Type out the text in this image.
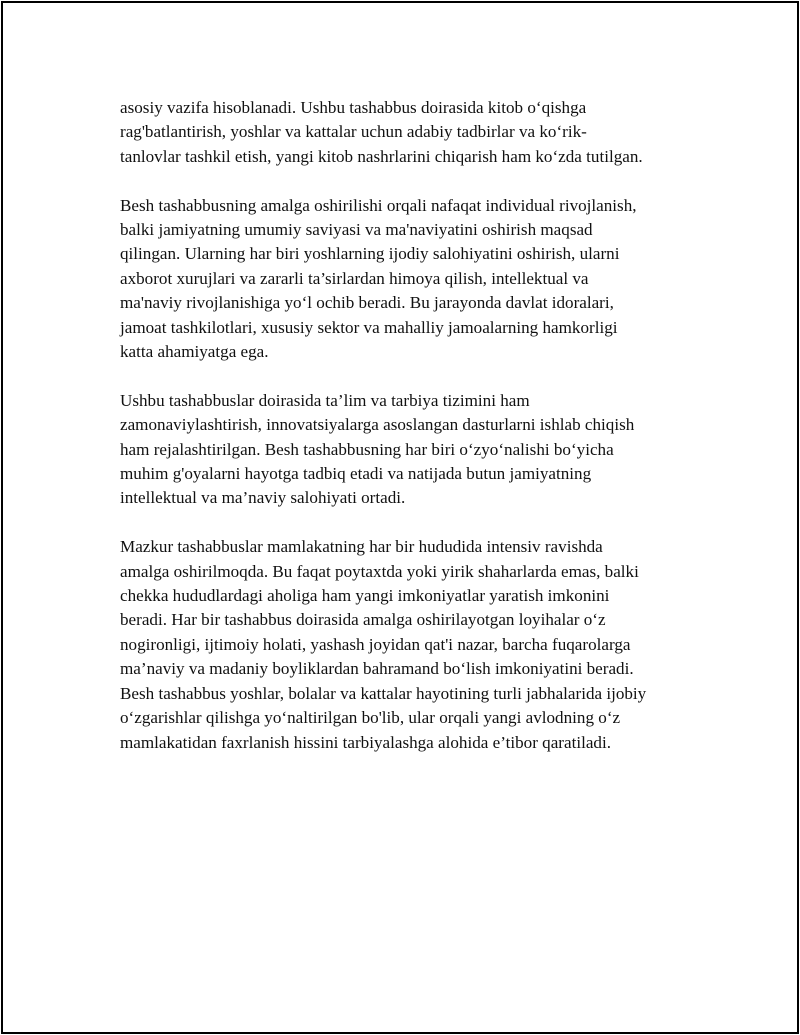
asosiy vazifa hisoblanadi. Ushbu tashabbus doirasida kitob o‘qishga
rag'batlantirish, yoshlar va kattalar uchun adabiy tadbirlar va ko‘rik-
tanlovlar tashkil etish, yangi kitob nashrlarini chiqarish ham ko‘zda tutilgan.

Besh tashabbusning amalga oshirilishi orqali nafaqat individual rivojlanish,
balki jamiyatning umumiy saviyasi va ma'naviyatini oshirish maqsad
qilingan. Ularning har biri yoshlarning ijodiy salohiyatini oshirish, ularni
axborot xurujlari va zararli ta’sirlardan himoya qilish, intellektual va
ma'naviy rivojlanishiga yo‘l ochib beradi. Bu jarayonda davlat idoralari,
jamoat tashkilotlari, xususiy sektor va mahalliy jamoalarning hamkorligi
katta ahamiyatga ega.

Ushbu tashabbuslar doirasida ta’lim va tarbiya tizimini ham
zamonaviylashtirish, innovatsiyalarga asoslangan dasturlarni ishlab chiqish
ham rejalashtirilgan. Besh tashabbusning har biri o‘zyo‘nalishi bo‘yicha
muhim g'oyalarni hayotga tadbiq etadi va natijada butun jamiyatning
intellektual va ma’naviy salohiyati ortadi.

Mazkur tashabbuslar mamlakatning har bir hududida intensiv ravishda
amalga oshirilmoqda. Bu faqat poytaxtda yoki yirik shaharlarda emas, balki
chekka hududlardagi aholiga ham yangi imkoniyatlar yaratish imkonini
beradi. Har bir tashabbus doirasida amalga oshirilayotgan loyihalar o‘z
nogironligi, ijtimoiy holati, yashash joyidan qat'i nazar, barcha fuqarolarga
ma’naviy va madaniy boyliklardan bahramand bo‘lish imkoniyatini beradi.
Besh tashabbus yoshlar, bolalar va kattalar hayotining turli jabhalarida ijobiy
o‘zgarishlar qilishga yo‘naltirilgan bo'lib, ular orqali yangi avlodning o‘z
mamlakatidan faxrlanish hissini tarbiyalashga alohida e’tibor qaratiladi.
